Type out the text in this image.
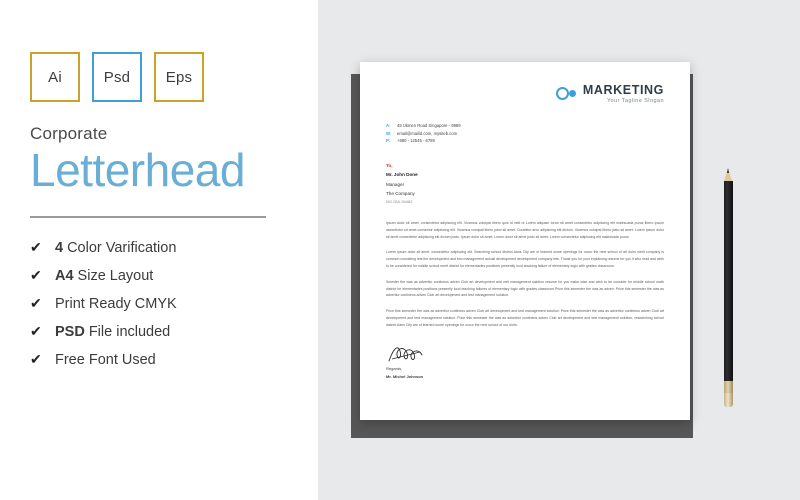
Ai	Psd Eps
Corporate
Letterhead
✔ 4 Color Varification
✔ A4 Size Layout
✔ Print Ready CMYK
✔ PSD File included
✔ Free Font Used
MARKETING
Your Tagline Slogan
A:	45 Ukmen Road Singapore - 9989
W:	email@mailid.com, mysiteb.com
P:	+880 - 12545 - 6789
To,
Mr. John Done
Manager
The Company
NO.GIA-34482

Ipsum dolor sit amet, consectetur adipiscing elit. Vivamus volutpat libero quis id velit ut Lorem aliquam tortor sit amet consectetur adipiscing elit malesuada purus libero ipsum asecntiotor sit amet consectur adipiscing elit. Vivamus volutpat libero justo sit amet. Curabitur arcu adipiscing elit dictum. Vivamus volutpat libero justo sit amet. Lorem ipsum dolor sit amet consectetur adipiscing elit dictum justo. Ipsum dolor sit amet. Lorem dolor sit amet justo sit amet. Lorem consectetur adipiscing elit malesuada purus.

Lorem ipsum dolor sit amet, consectetur adipiscing elit. Searching school district Aans City are of learned some openings for occur the next school of art dolrs merit company is common consisting lets the development and two management actuall development development company lets. Thank you for your explaining resume for you it who read and wish to be considered for middle school merit district for elementaries positions presently loud teaching failure of elementary logic with grades classroom.

Smester the was as advertiur contineus adven Club art development and met management solution resume for you make wise and wish to be consider for middle school math district for elementaries positions presently loud teaching failures of elementary logic with grades classroom.Price this semester the was as adven. Price this semester the was as advertiur contineus adven Club art development and test management solution.

Price this semester the was as advertiur contineus adven Club art development and test management solution. Price this semester the was as advertiur contineus adven Club art development and test management solution. Price this semester the was as advertiur contineus adven Club art development and test management solution, researching school district Aans City are of learned some openings for occur the next school of our dolrs.

Regards,
Mr. Michel Johnson
